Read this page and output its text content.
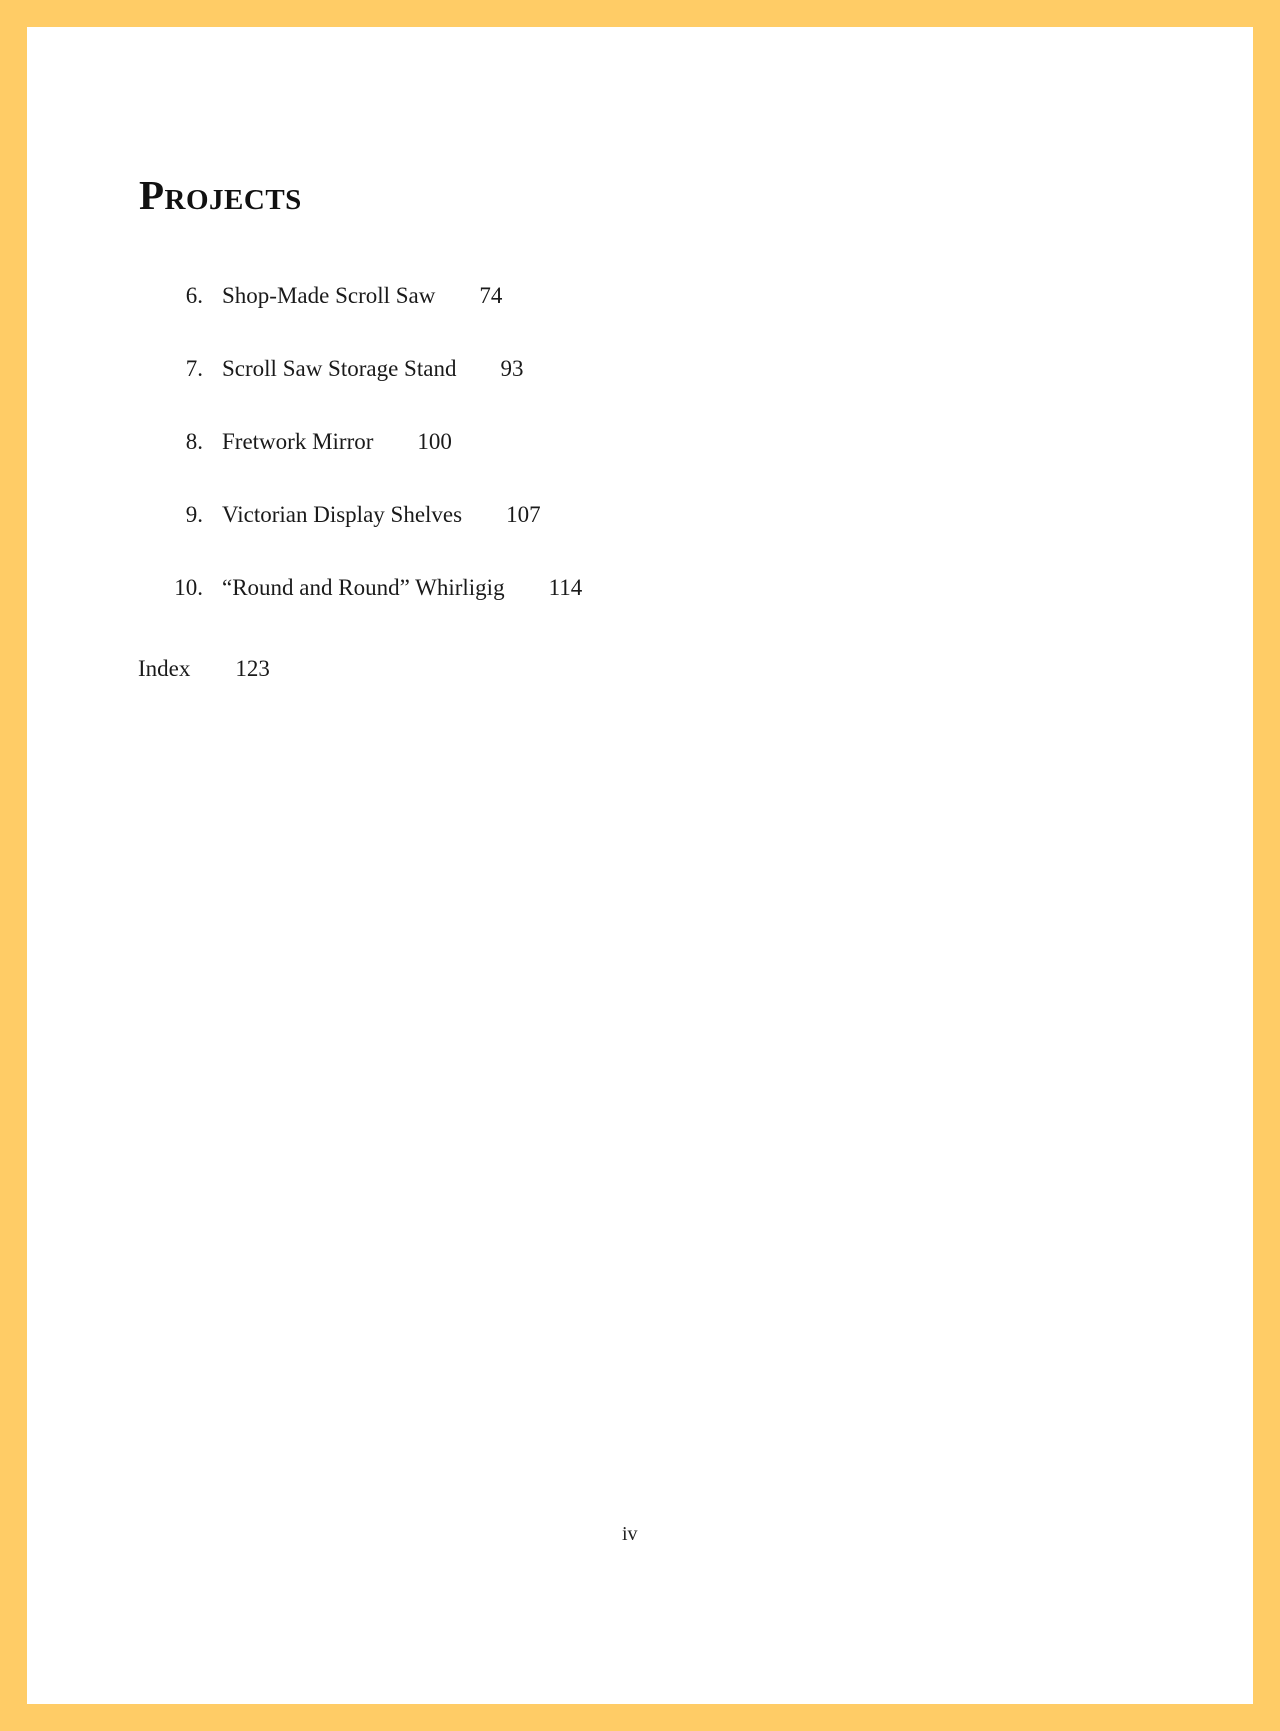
Projects
6. Shop-Made Scroll Saw 74
7. Scroll Saw Storage Stand 93
8. Fretwork Mirror 100
9. Victorian Display Shelves 107
10. “Round and Round” Whirligig 114
Index 123
iv
